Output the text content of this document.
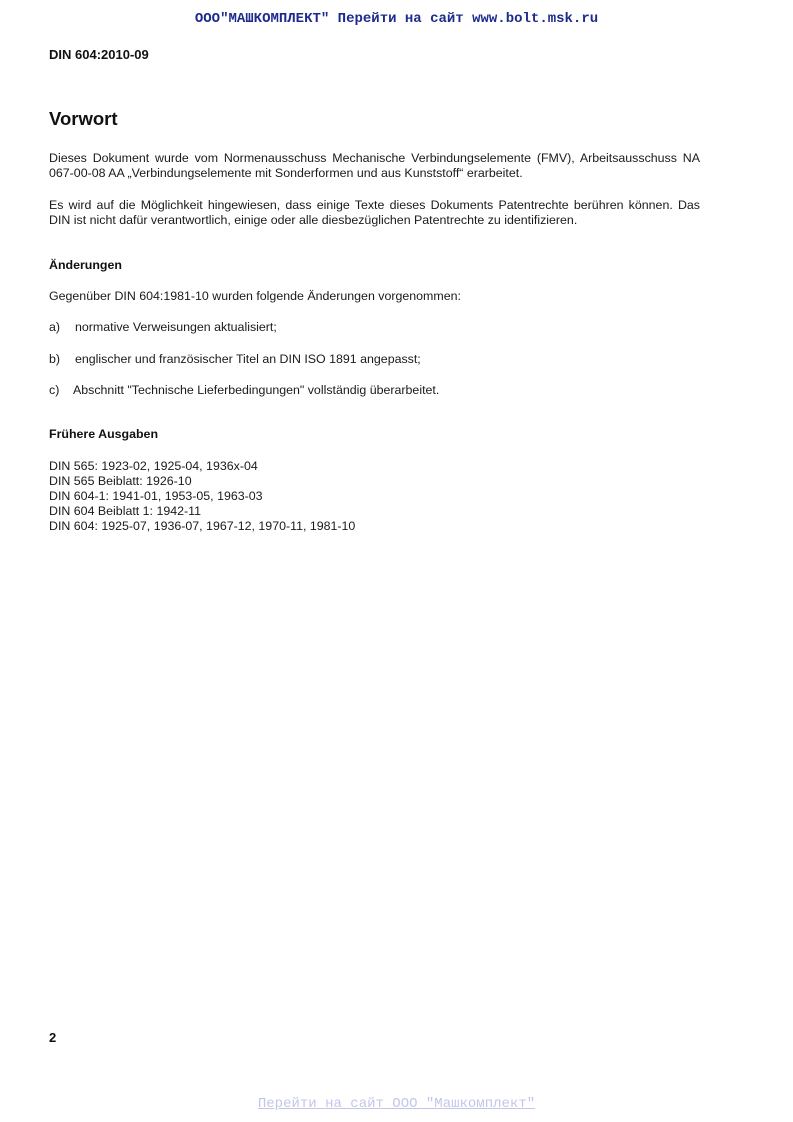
ООО"МАШКОМПЛЕКТ" Перейти на сайт www.bolt.msk.ru
DIN 604:2010-09
Vorwort

Dieses Dokument wurde vom Normenausschuss Mechanische Verbindungselemente (FMV), Arbeitsausschuss NA 067-00-08 AA „Verbindungselemente mit Sonderformen und aus Kunststoff“ erarbeitet.

Es wird auf die Möglichkeit hingewiesen, dass einige Texte dieses Dokuments Patentrechte berühren können. Das DIN ist nicht dafür verantwortlich, einige oder alle diesbezüglichen Patentrechte zu identifizieren.

Änderungen

Gegenüber DIN 604:1981-10 wurden folgende Änderungen vorgenommen:

a) normative Verweisungen aktualisiert;
b) englischer und französischer Titel an DIN ISO 1891 angepasst;
c) Abschnitt "Technische Lieferbedingungen" vollständig überarbeitet.
Frühere Ausgaben
DIN 565: 1923-02, 1925-04, 1936x-04
DIN 565 Beiblatt: 1926-10
DIN 604-1: 1941-01, 1953-05, 1963-03
DIN 604 Beiblatt 1: 1942-11
DIN 604: 1925-07, 1936-07, 1967-12, 1970-11, 1981-10
2
Перейти на сайт ООО "Машкомплект"
